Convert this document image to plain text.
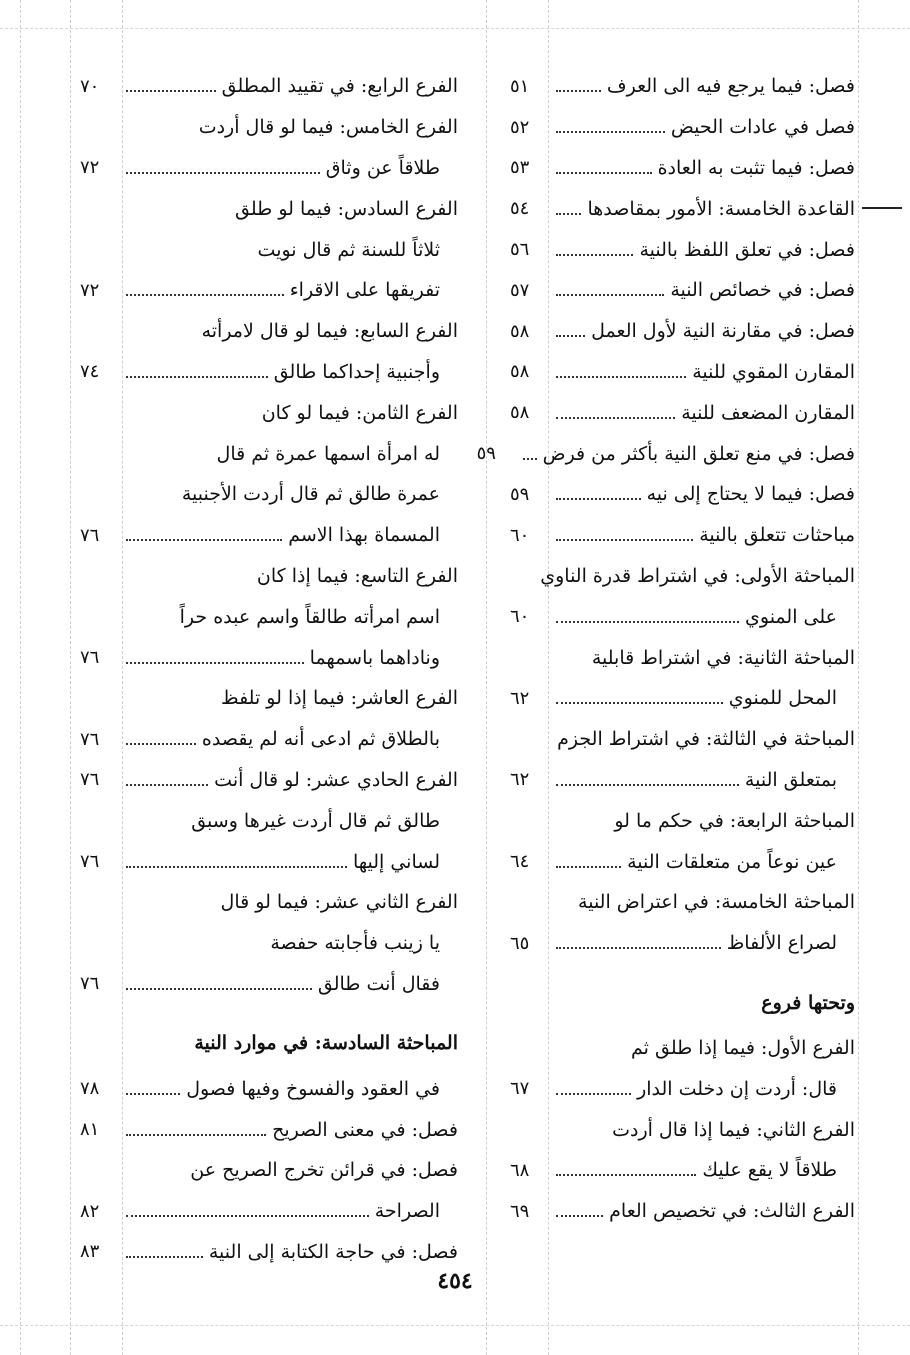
فصل: فيما يرجع فيه الى العرف
٥١
فصل في عادات الحيض
٥٢
فصل: فيما تثبت به العادة
٥٣
القاعدة الخامسة: الأمور بمقاصدها
٥٤
فصل: في تعلق اللفظ بالنية
٥٦
فصل: في خصائص النية
٥٧
فصل: في مقارنة النية لأول العمل
٥٨
المقارن المقوي للنية
٥٨
المقارن المضعف للنية
٥٨
فصل: في منع تعلق النية بأكثر من فرض
٥٩
فصل: فيما لا يحتاج إلى نيه
٥٩
مباحثات تتعلق بالنية
٦٠
المباحثة الأولى: في اشتراط قدرة الناوي
على المنوي
٦٠
المباحثة الثانية: في اشتراط قابلية
المحل للمنوي
٦٢
المباحثة في الثالثة: في اشتراط الجزم
بمتعلق النية
٦٢
المباحثة الرابعة: في حكم ما لو
عين نوعاً من متعلقات النية
٦٤
المباحثة الخامسة: في اعتراض النية
لصراع الألفاظ
٦٥
وتحتها فروع
الفرع الأول: فيما إذا طلق ثم
قال: أردت إن دخلت الدار
٦٧
الفرع الثاني: فيما إذا قال أردت
طلاقاً لا يقع عليك
٦٨
الفرع الثالث: في تخصيص العام
٦٩
الفرع الرابع: في تقييد المطلق
٧٠
الفرع الخامس: فيما لو قال أردت
طلاقاً عن وثاق
٧٢
الفرع السادس: فيما لو طلق
ثلاثاً للسنة ثم قال نويت
تفريقها على الاقراء
٧٢
الفرع السابع: فيما لو قال لامرأته
وأجنبية إحداكما طالق
٧٤
الفرع الثامن: فيما لو كان
له امرأة اسمها عمرة ثم قال
عمرة طالق ثم قال أردت الأجنبية
المسماة بهذا الاسم
٧٦
الفرع التاسع: فيما إذا كان
اسم امرأته طالقاً واسم عبده حراً
وناداهما باسمهما
٧٦
الفرع العاشر: فيما إذا لو تلفظ
بالطلاق ثم ادعى أنه لم يقصده
٧٦
الفرع الحادي عشر: لو قال أنت
٧٦
طالق ثم قال أردت غيرها وسبق
لساني إليها
٧٦
الفرع الثاني عشر: فيما لو قال
يا زينب فأجابته حفصة
فقال أنت طالق
٧٦
المباحثة السادسة: في موارد النية
في العقود والفسوخ وفيها فصول
٧٨
فصل: في معنى الصريح
٨١
فصل: في قرائن تخرج الصريح عن
الصراحة
٨٢
فصل: في حاجة الكتابة إلى النية
٨٣
٤٥٤
